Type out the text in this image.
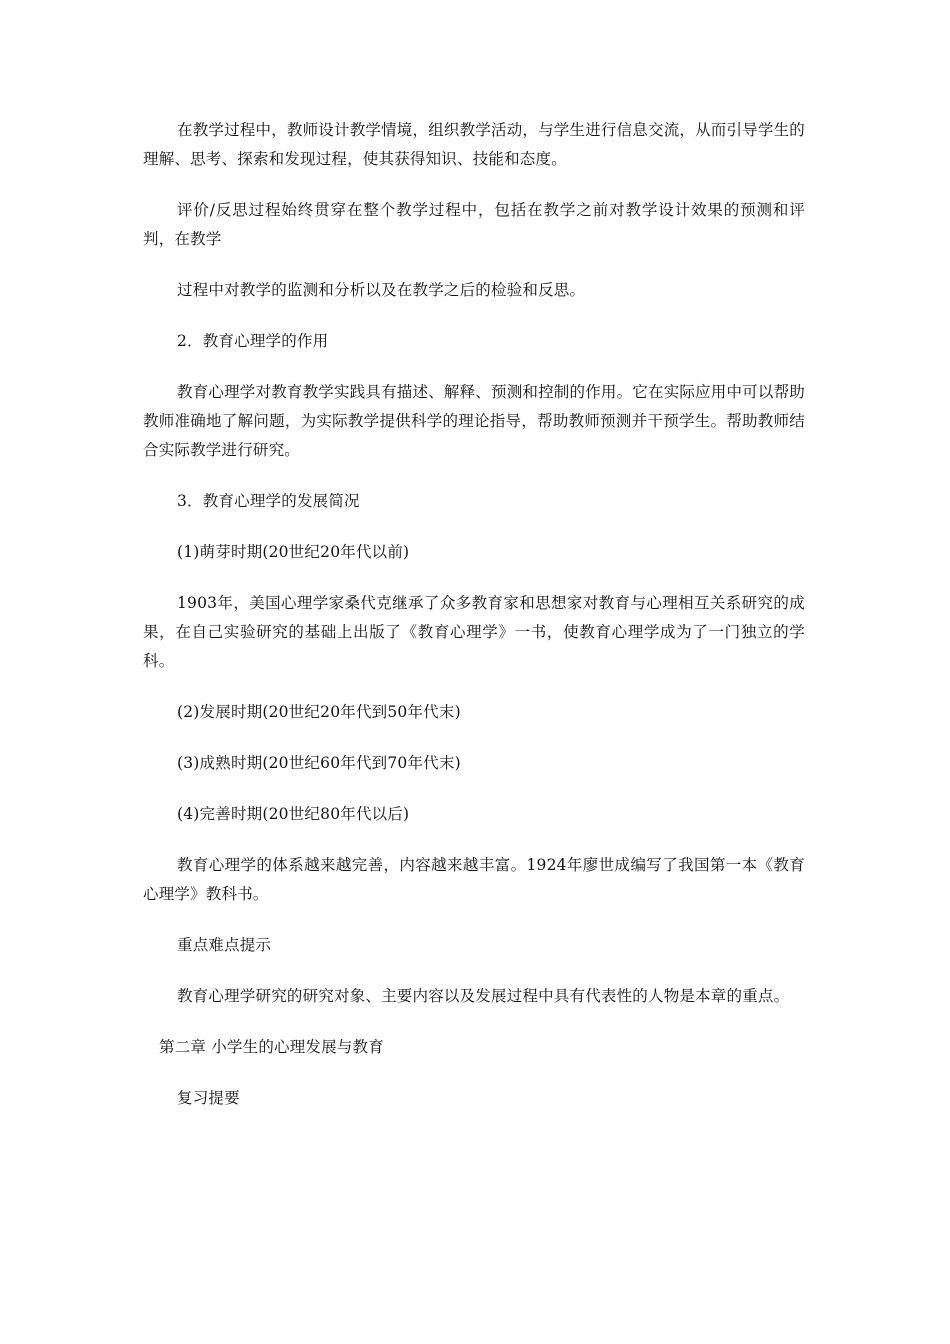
在教学过程中，教师设计教学情境，组织教学活动，与学生进行信息交流，从而引导学生的理解、思考、探索和发现过程，使其获得知识、技能和态度。

评价/反思过程始终贯穿在整个教学过程中，包括在教学之前对教学设计效果的预测和评判，在教学

过程中对教学的监测和分析以及在教学之后的检验和反思。

2．教育心理学的作用

教育心理学对教育教学实践具有描述、解释、预测和控制的作用。它在实际应用中可以帮助教师准确地了解问题，为实际教学提供科学的理论指导，帮助教师预测并干预学生。帮助教师结合实际教学进行研究。

3．教育心理学的发展简况

(1)萌芽时期(20世纪20年代以前)

1903年，美国心理学家桑代克继承了众多教育家和思想家对教育与心理相互关系研究的成果，在自己实验研究的基础上出版了《教育心理学》一书，使教育心理学成为了一门独立的学科。

(2)发展时期(20世纪20年代到50年代末)

(3)成熟时期(20世纪60年代到70年代末)

(4)完善时期(20世纪80年代以后)

教育心理学的体系越来越完善，内容越来越丰富。1924年廖世成编写了我国第一本《教育心理学》教科书。

重点难点提示

教育心理学研究的研究对象、主要内容以及发展过程中具有代表性的人物是本章的重点。

第二章 小学生的心理发展与教育

复习提要
